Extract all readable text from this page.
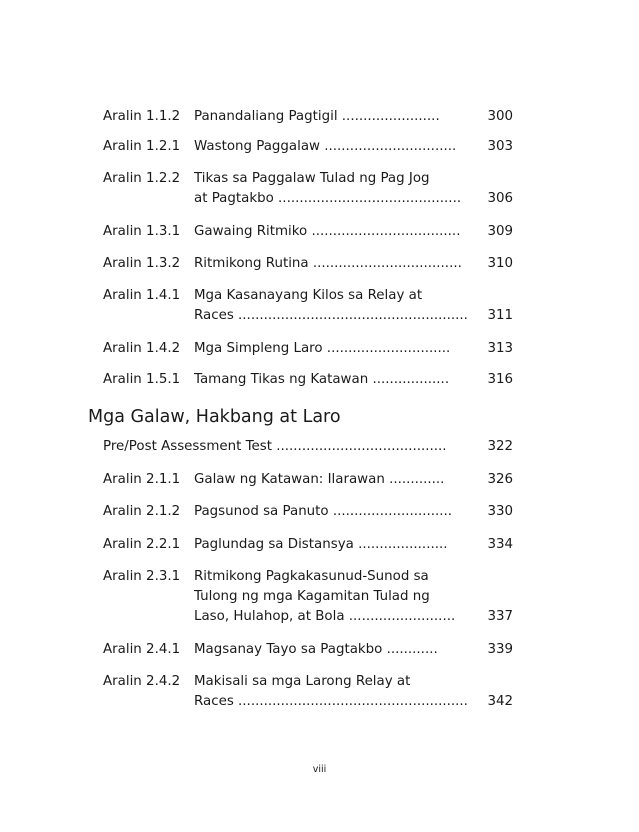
Aralin 1.1.2 Panandaliang Pagtigil .......................	300
Aralin 1.2.1 Wastong Paggalaw ...............................	303
Aralin 1.2.2 Tikas sa Paggalaw Tulad ng Pag Jog
at Pagtakbo ...........................................	306
Aralin 1.3.1 Gawaing Ritmiko ...................................	309
Aralin 1.3.2 Ritmikong Rutina ...................................	310
Aralin 1.4.1 Mga Kasanayang Kilos sa Relay at
Races ......................................................	311
Aralin 1.4.2 Mga Simpleng Laro .............................	313
Aralin 1.5.1 Tamang Tikas ng Katawan ..................	316
Mga Galaw, Hakbang at Laro
Pre/Post Assessment Test ........................................	322
Aralin 2.1.1 Galaw ng Katawan: Ilarawan .............	326
Aralin 2.1.2 Pagsunod sa Panuto ............................	330
Aralin 2.2.1 Paglundag sa Distansya .....................	334
Aralin 2.3.1 Ritmikong Pagkakasunud-Sunod sa
Tulong ng mga Kagamitan Tulad ng
Laso, Hulahop, at Bola .........................	337
Aralin 2.4.1 Magsanay Tayo sa Pagtakbo ............	339
Aralin 2.4.2 Makisali sa mga Larong Relay at
Races ......................................................	342
viii
